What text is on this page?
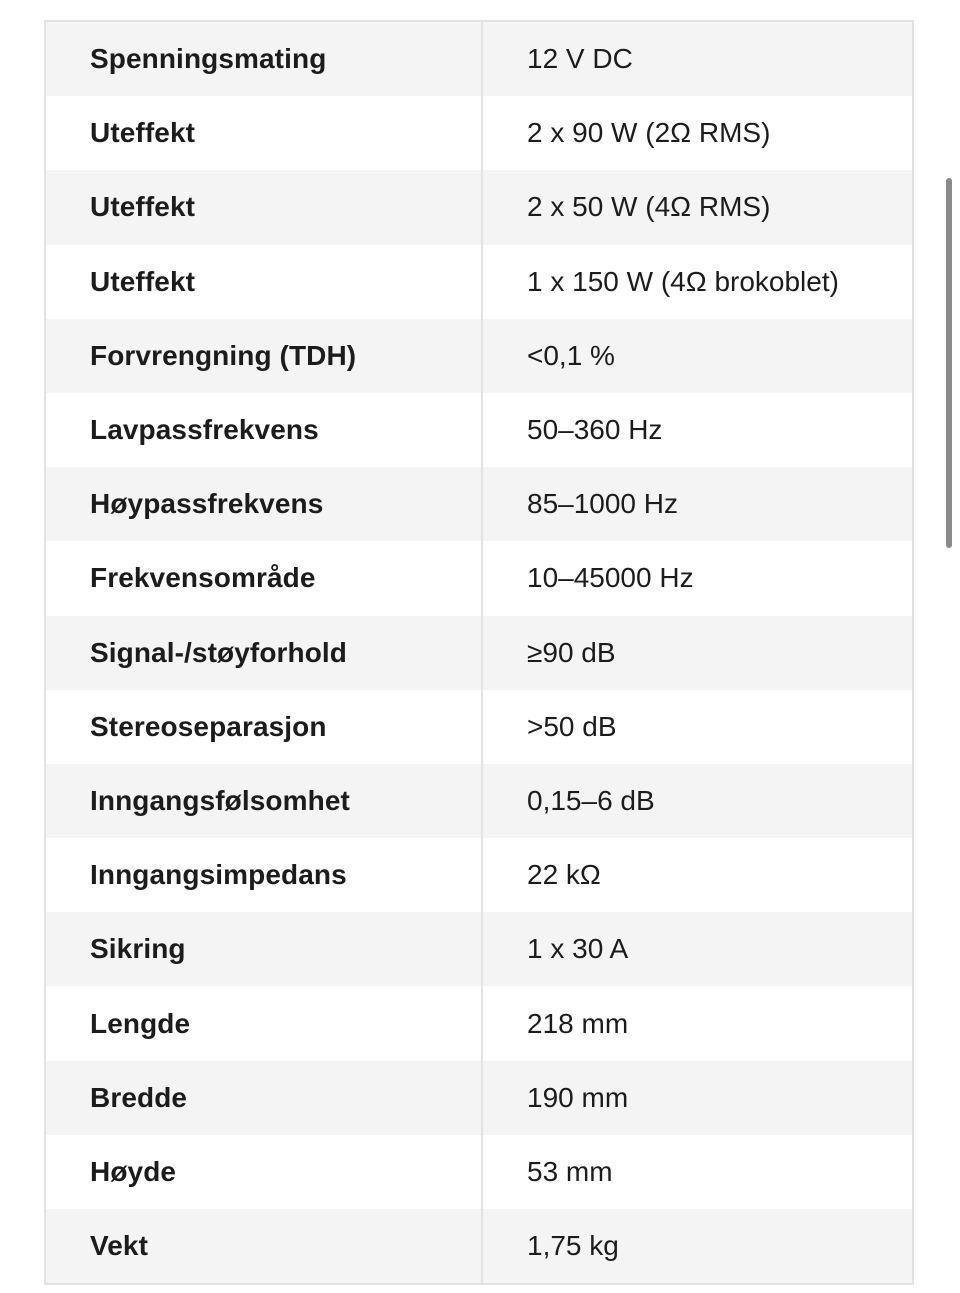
Spenningsmating	12 V DC
Uteffekt	2 x 90 W (2Ω RMS)
Uteffekt	2 x 50 W (4Ω RMS)
Uteffekt	1 x 150 W (4Ω brokoblet)
Forvrengning (TDH)	<0,1 %
Lavpassfrekvens	50–360 Hz
Høypassfrekvens	85–1000 Hz
Frekvensområde	10–45000 Hz
Signal-/støyforhold	≥90 dB
Stereoseparasjon	>50 dB
Inngangsfølsomhet	0,15–6 dB
Inngangsimpedans	22 kΩ
Sikring	1 x 30 A
Lengde	218 mm
Bredde	190 mm
Høyde	53 mm
Vekt	1,75 kg
